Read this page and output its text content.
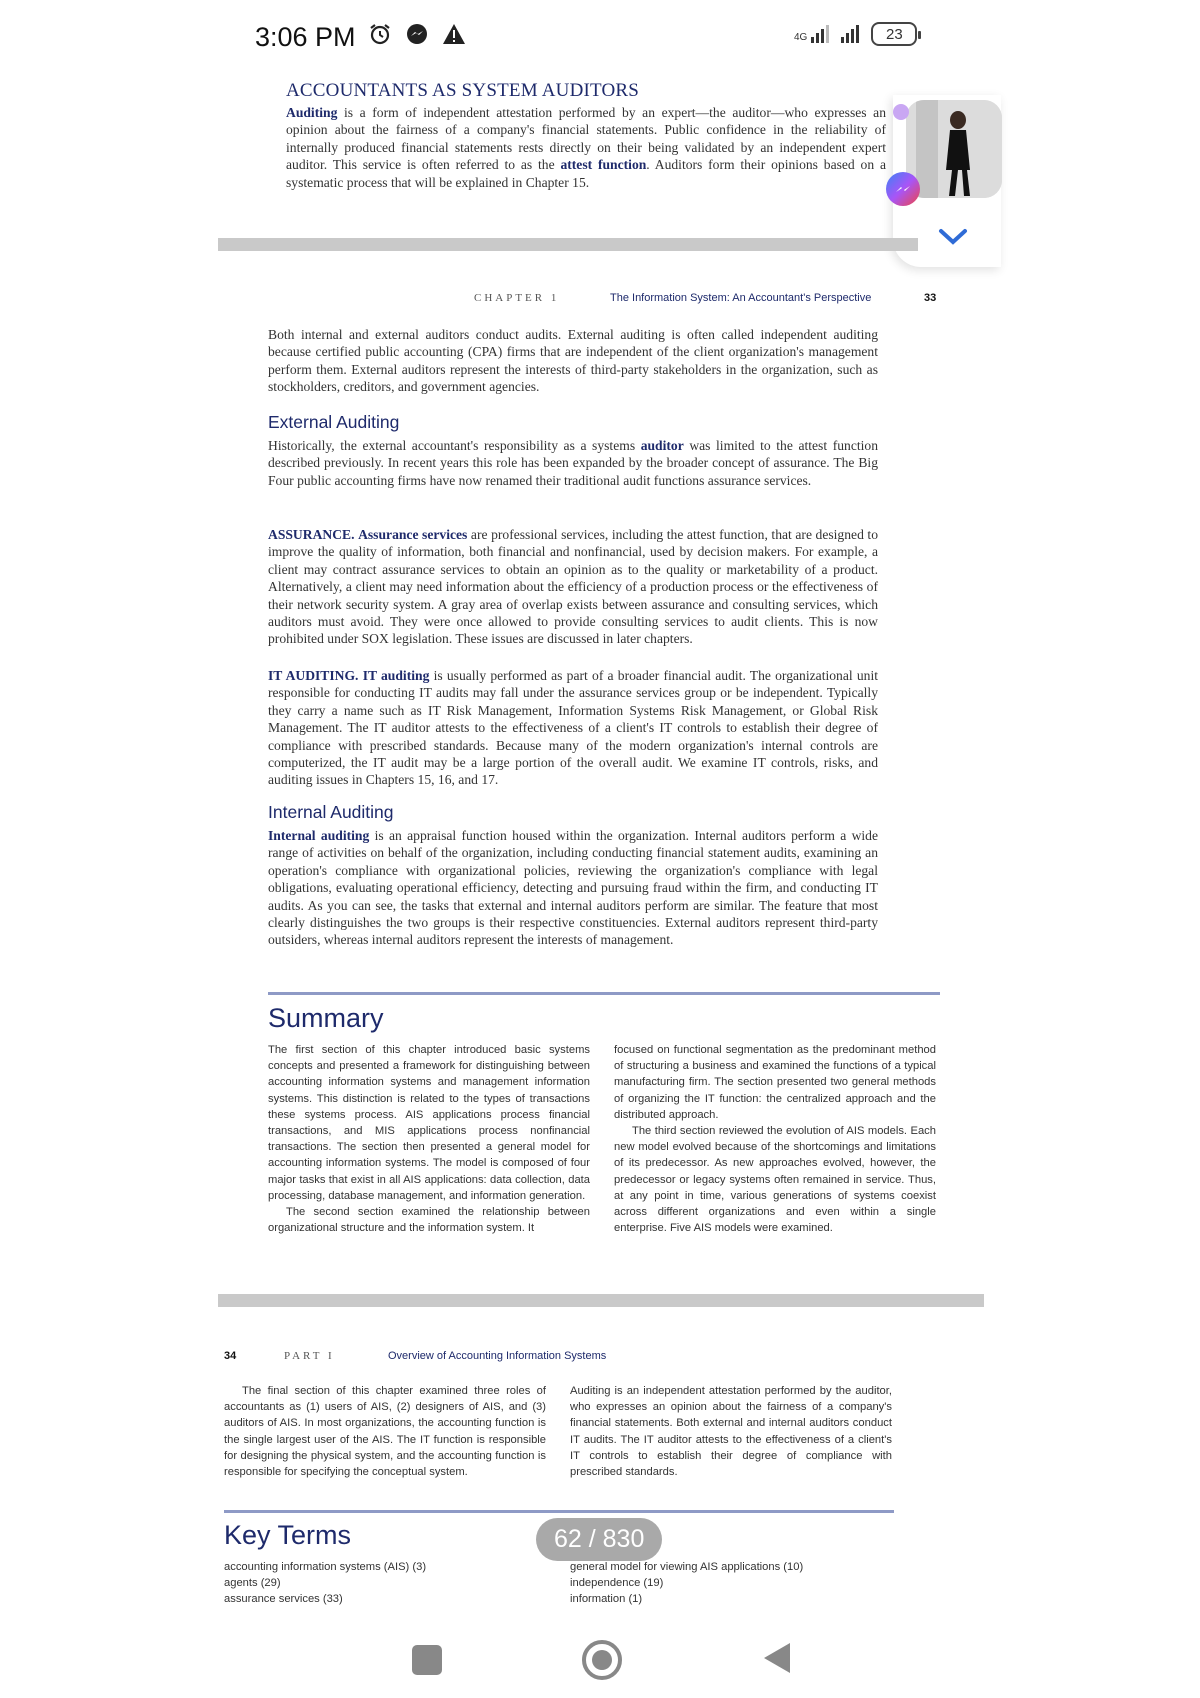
3:06 PM	4G	23
ACCOUNTANTS AS SYSTEM AUDITORS
Auditing is a form of independent attestation performed by an expert—the auditor—who expresses an opinion about the fairness of a company's financial statements. Public confidence in the reliability of internally produced financial statements rests directly on their being validated by an independent expert auditor. This service is often referred to as the attest function. Auditors form their opinions based on a systematic process that will be explained in Chapter 15.
CHAPTER 1	The Information System: An Accountant's Perspective	33
Both internal and external auditors conduct audits. External auditing is often called independent auditing because certified public accounting (CPA) firms that are independent of the client organization's management perform them. External auditors represent the interests of third-party stakeholders in the organization, such as stockholders, creditors, and government agencies.
External Auditing
Historically, the external accountant's responsibility as a systems auditor was limited to the attest function described previously. In recent years this role has been expanded by the broader concept of assurance. The Big Four public accounting firms have now renamed their traditional audit functions assurance services.
ASSURANCE. Assurance services are professional services, including the attest function, that are designed to improve the quality of information, both financial and nonfinancial, used by decision makers. For example, a client may contract assurance services to obtain an opinion as to the quality or marketability of a product. Alternatively, a client may need information about the efficiency of a production process or the effectiveness of their network security system. A gray area of overlap exists between assurance and consulting services, which auditors must avoid. They were once allowed to provide consulting services to audit clients. This is now prohibited under SOX legislation. These issues are discussed in later chapters.
IT AUDITING. IT auditing is usually performed as part of a broader financial audit. The organizational unit responsible for conducting IT audits may fall under the assurance services group or be independent. Typically they carry a name such as IT Risk Management, Information Systems Risk Management, or Global Risk Management. The IT auditor attests to the effectiveness of a client's IT controls to establish their degree of compliance with prescribed standards. Because many of the modern organization's internal controls are computerized, the IT audit may be a large portion of the overall audit. We examine IT controls, risks, and auditing issues in Chapters 15, 16, and 17.
Internal Auditing
Internal auditing is an appraisal function housed within the organization. Internal auditors perform a wide range of activities on behalf of the organization, including conducting financial statement audits, examining an operation's compliance with organizational policies, reviewing the organization's compliance with legal obligations, evaluating operational efficiency, detecting and pursuing fraud within the firm, and conducting IT audits. As you can see, the tasks that external and internal auditors perform are similar. The feature that most clearly distinguishes the two groups is their respective constituencies. External auditors represent third-party outsiders, whereas internal auditors represent the interests of management.
Summary
The first section of this chapter introduced basic systems concepts and presented a framework for distinguishing between accounting information systems and management information systems. This distinction is related to the types of transactions these systems process. AIS applications process financial transactions, and MIS applications process nonfinancial transactions. The section then presented a general model for accounting information systems. The model is composed of four major tasks that exist in all AIS applications: data collection, data processing, database management, and information generation.
The second section examined the relationship between organizational structure and the information system. It
focused on functional segmentation as the predominant method of structuring a business and examined the functions of a typical manufacturing firm. The section presented two general methods of organizing the IT function: the centralized approach and the distributed approach.
The third section reviewed the evolution of AIS models. Each new model evolved because of the shortcomings and limitations of its predecessor. As new approaches evolved, however, the predecessor or legacy systems often remained in service. Thus, at any point in time, various generations of systems coexist across different organizations and even within a single enterprise. Five AIS models were examined.
34	PART I	Overview of Accounting Information Systems
The final section of this chapter examined three roles of accountants as (1) users of AIS, (2) designers of AIS, and (3) auditors of AIS. In most organizations, the accounting function is the single largest user of the AIS. The IT function is responsible for designing the physical system, and the accounting function is responsible for specifying the conceptual system.
Auditing is an independent attestation performed by the auditor, who expresses an opinion about the fairness of a company's financial statements. Both external and internal auditors conduct IT audits. The IT auditor attests to the effectiveness of a client's IT controls to establish their degree of compliance with prescribed standards.
Key Terms
accounting information systems (AIS) (3)
agents (29)
assurance services (33)
general model for viewing AIS applications (10)
independence (19)
information (1)
62 / 830
